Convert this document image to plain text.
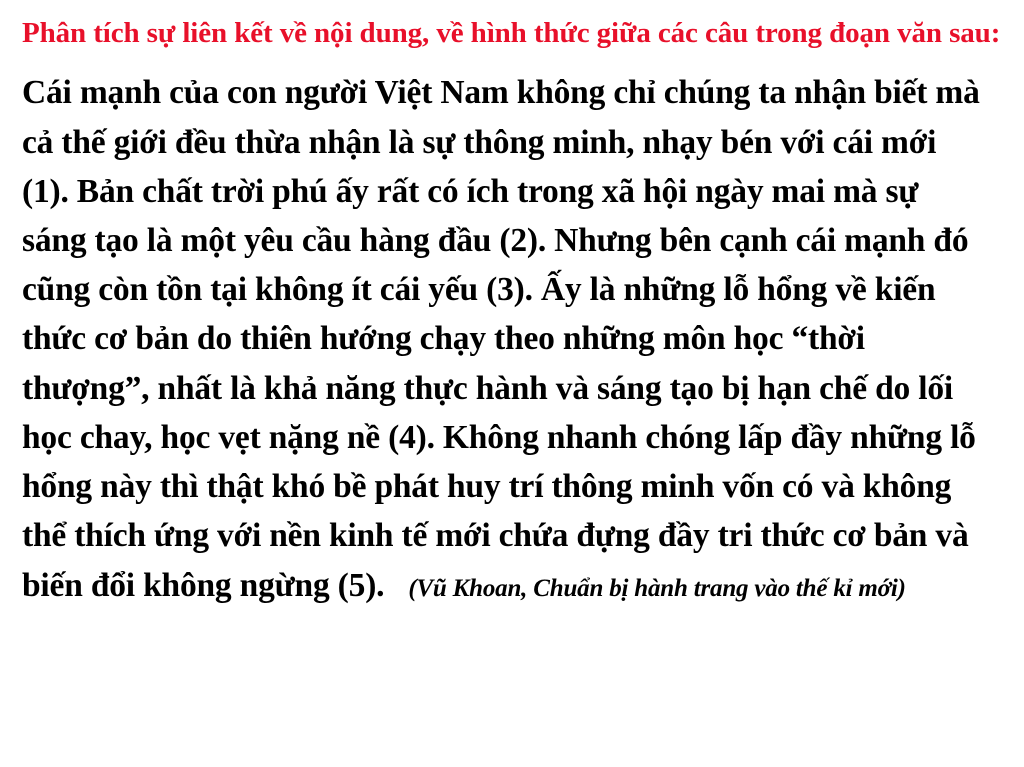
Phân tích sự liên kết về nội dung, về hình thức giữa các câu trong đoạn văn sau:

Cái mạnh của con người Việt Nam không chỉ chúng ta nhận biết mà cả thế giới đều thừa nhận là sự thông minh, nhạy bén với cái mới (1). Bản chất trời phú ấy rất có ích trong xã hội ngày mai mà sự sáng tạo là một yêu cầu hàng đầu (2). Nhưng bên cạnh cái mạnh đó cũng còn tồn tại không ít cái yếu (3). Ấy là những lỗ hổng về kiến thức cơ bản do thiên hướng chạy theo những môn học “thời thượng”, nhất là khả năng thực hành và sáng tạo bị hạn chế do lối học chay, học vẹt nặng nề (4). Không nhanh chóng lấp đầy những lỗ hổng này thì thật khó bề phát huy trí thông minh vốn có và không thể thích ứng với nền kinh tế mới chứa đựng đầy tri thức cơ bản và biến đổi không ngừng (5). (Vũ Khoan, Chuẩn bị hành trang vào thế kỉ mới)
